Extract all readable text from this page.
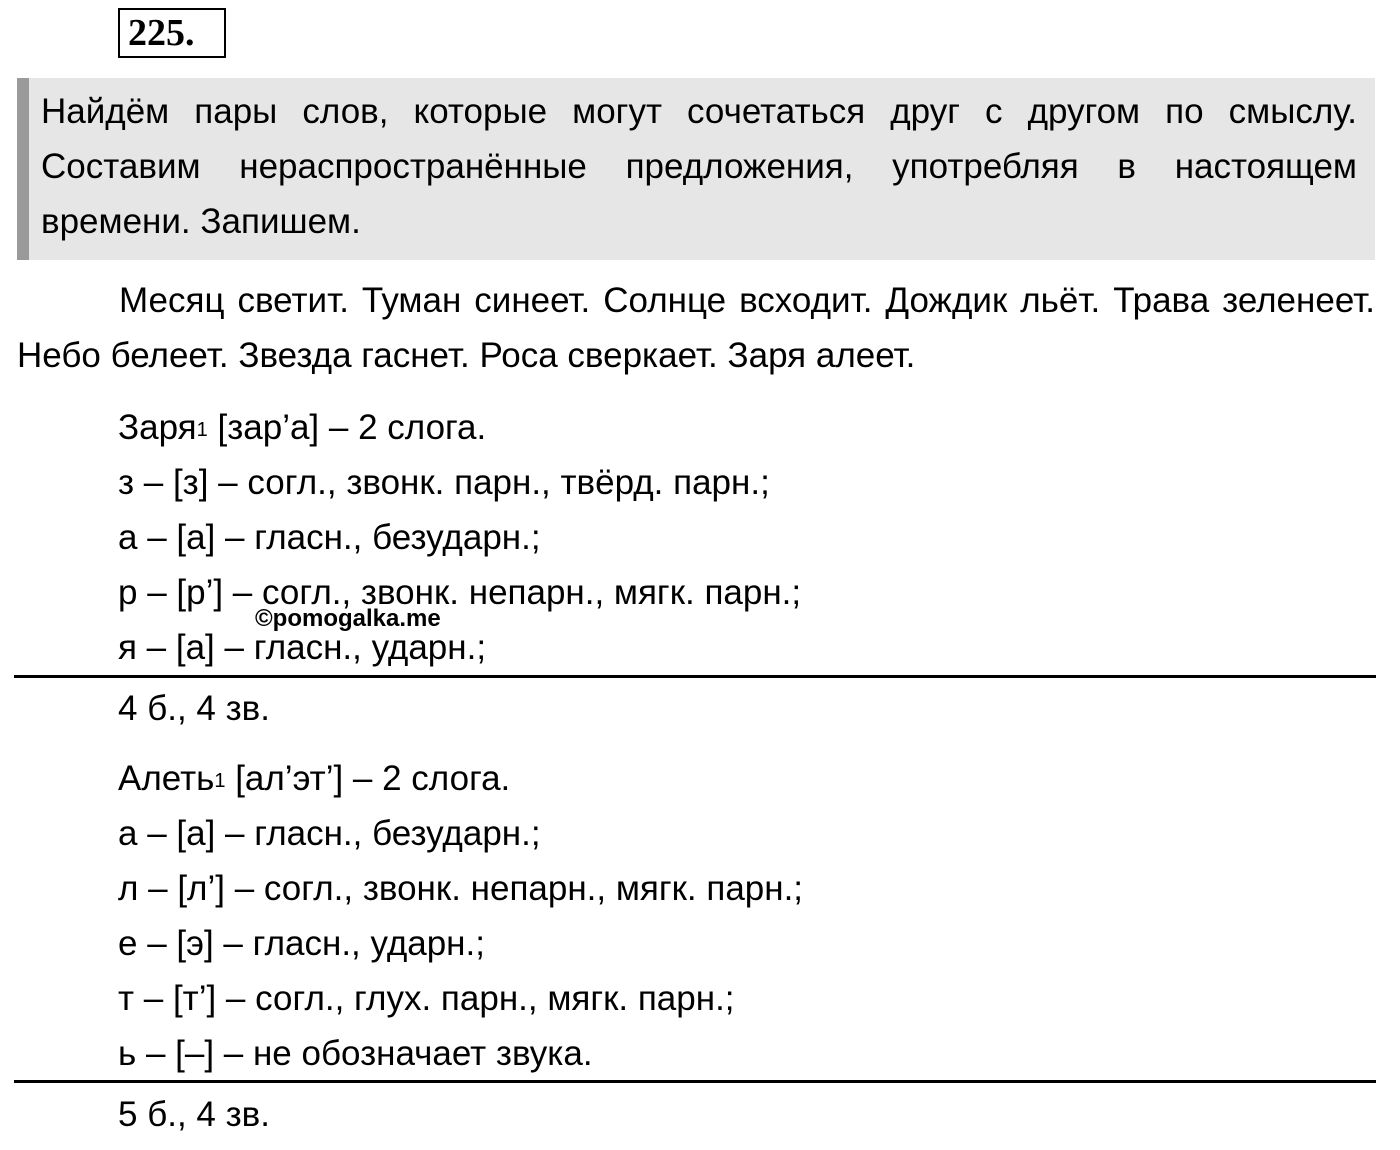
225.
Найдём пары слов, которые могут сочетаться друг с другом по смыслу. Составим нераспространённые предложения, употребляя в настоящем времени. Запишем.
Месяц светит. Туман синеет. Солнце всходит. Дождик льёт. Трава зеленеет. Небо белеет. Звезда гаснет. Роса сверкает. Заря алеет.
Заря$^1$ [зар’а] – 2 слога.
з – [з] – согл., звонк. парн., твёрд. парн.;
а – [а] – гласн., безударн.;
р – [р’] – согл., звонк. непарн., мягк. парн.;
я – [а] – гласн., ударн.;
©pomogalka.me
4 б., 4 зв.
Алеть$^1$ [ал’эт’] – 2 слога.
а – [а] – гласн., безударн.;
л – [л’] – согл., звонк. непарн., мягк. парн.;
е – [э] – гласн., ударн.;
т – [т’] – согл., глух. парн., мягк. парн.;
ь – [–] – не обозначает звука.
5 б., 4 зв.
